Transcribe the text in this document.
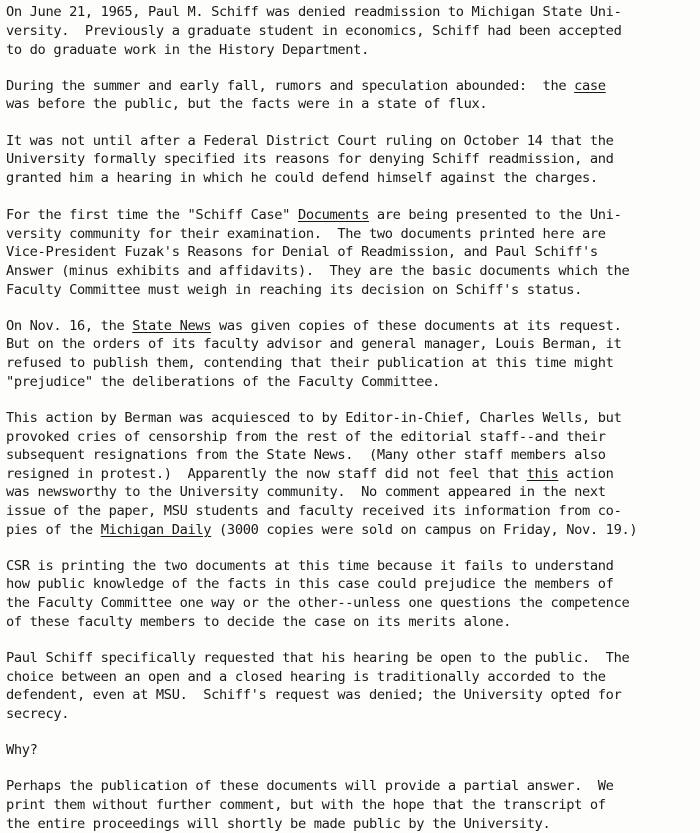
On June 21, 1965, Paul M. Schiff was denied readmission to Michigan State Uni-
versity.  Previously a graduate student in economics, Schiff had been accepted
to do graduate work in the History Department.
During the summer and early fall, rumors and speculation abounded:  the case
was before the public, but the facts were in a state of flux.
It was not until after a Federal District Court ruling on October 14 that the
University formally specified its reasons for denying Schiff readmission, and
granted him a hearing in which he could defend himself against the charges.
For the first time the "Schiff Case" Documents are being presented to the Uni-
versity community for their examination.  The two documents printed here are
Vice-President Fuzak's Reasons for Denial of Readmission, and Paul Schiff's
Answer (minus exhibits and affidavits).  They are the basic documents which the
Faculty Committee must weigh in reaching its decision on Schiff's status.
On Nov. 16, the State News was given copies of these documents at its request.
But on the orders of its faculty advisor and general manager, Louis Berman, it
refused to publish them, contending that their publication at this time might
"prejudice" the deliberations of the Faculty Committee.
This action by Berman was acquiesced to by Editor-in-Chief, Charles Wells, but
provoked cries of censorship from the rest of the editorial staff--and their
subsequent resignations from the State News.  (Many other staff members also
resigned in protest.)  Apparently the now staff did not feel that this action
was newsworthy to the University community.  No comment appeared in the next
issue of the paper, MSU students and faculty received its information from co-
pies of the Michigan Daily (3000 copies were sold on campus on Friday, Nov. 19.)
CSR is printing the two documents at this time because it fails to understand
how public knowledge of the facts in this case could prejudice the members of
the Faculty Committee one way or the other--unless one questions the competence
of these faculty members to decide the case on its merits alone.
Paul Schiff specifically requested that his hearing be open to the public.  The
choice between an open and a closed hearing is traditionally accorded to the
defendent, even at MSU.  Schiff's request was denied; the University opted for
secrecy.
Why?
Perhaps the publication of these documents will provide a partial answer.  We
print them without further comment, but with the hope that the transcript of
the entire proceedings will shortly be made public by the University.
